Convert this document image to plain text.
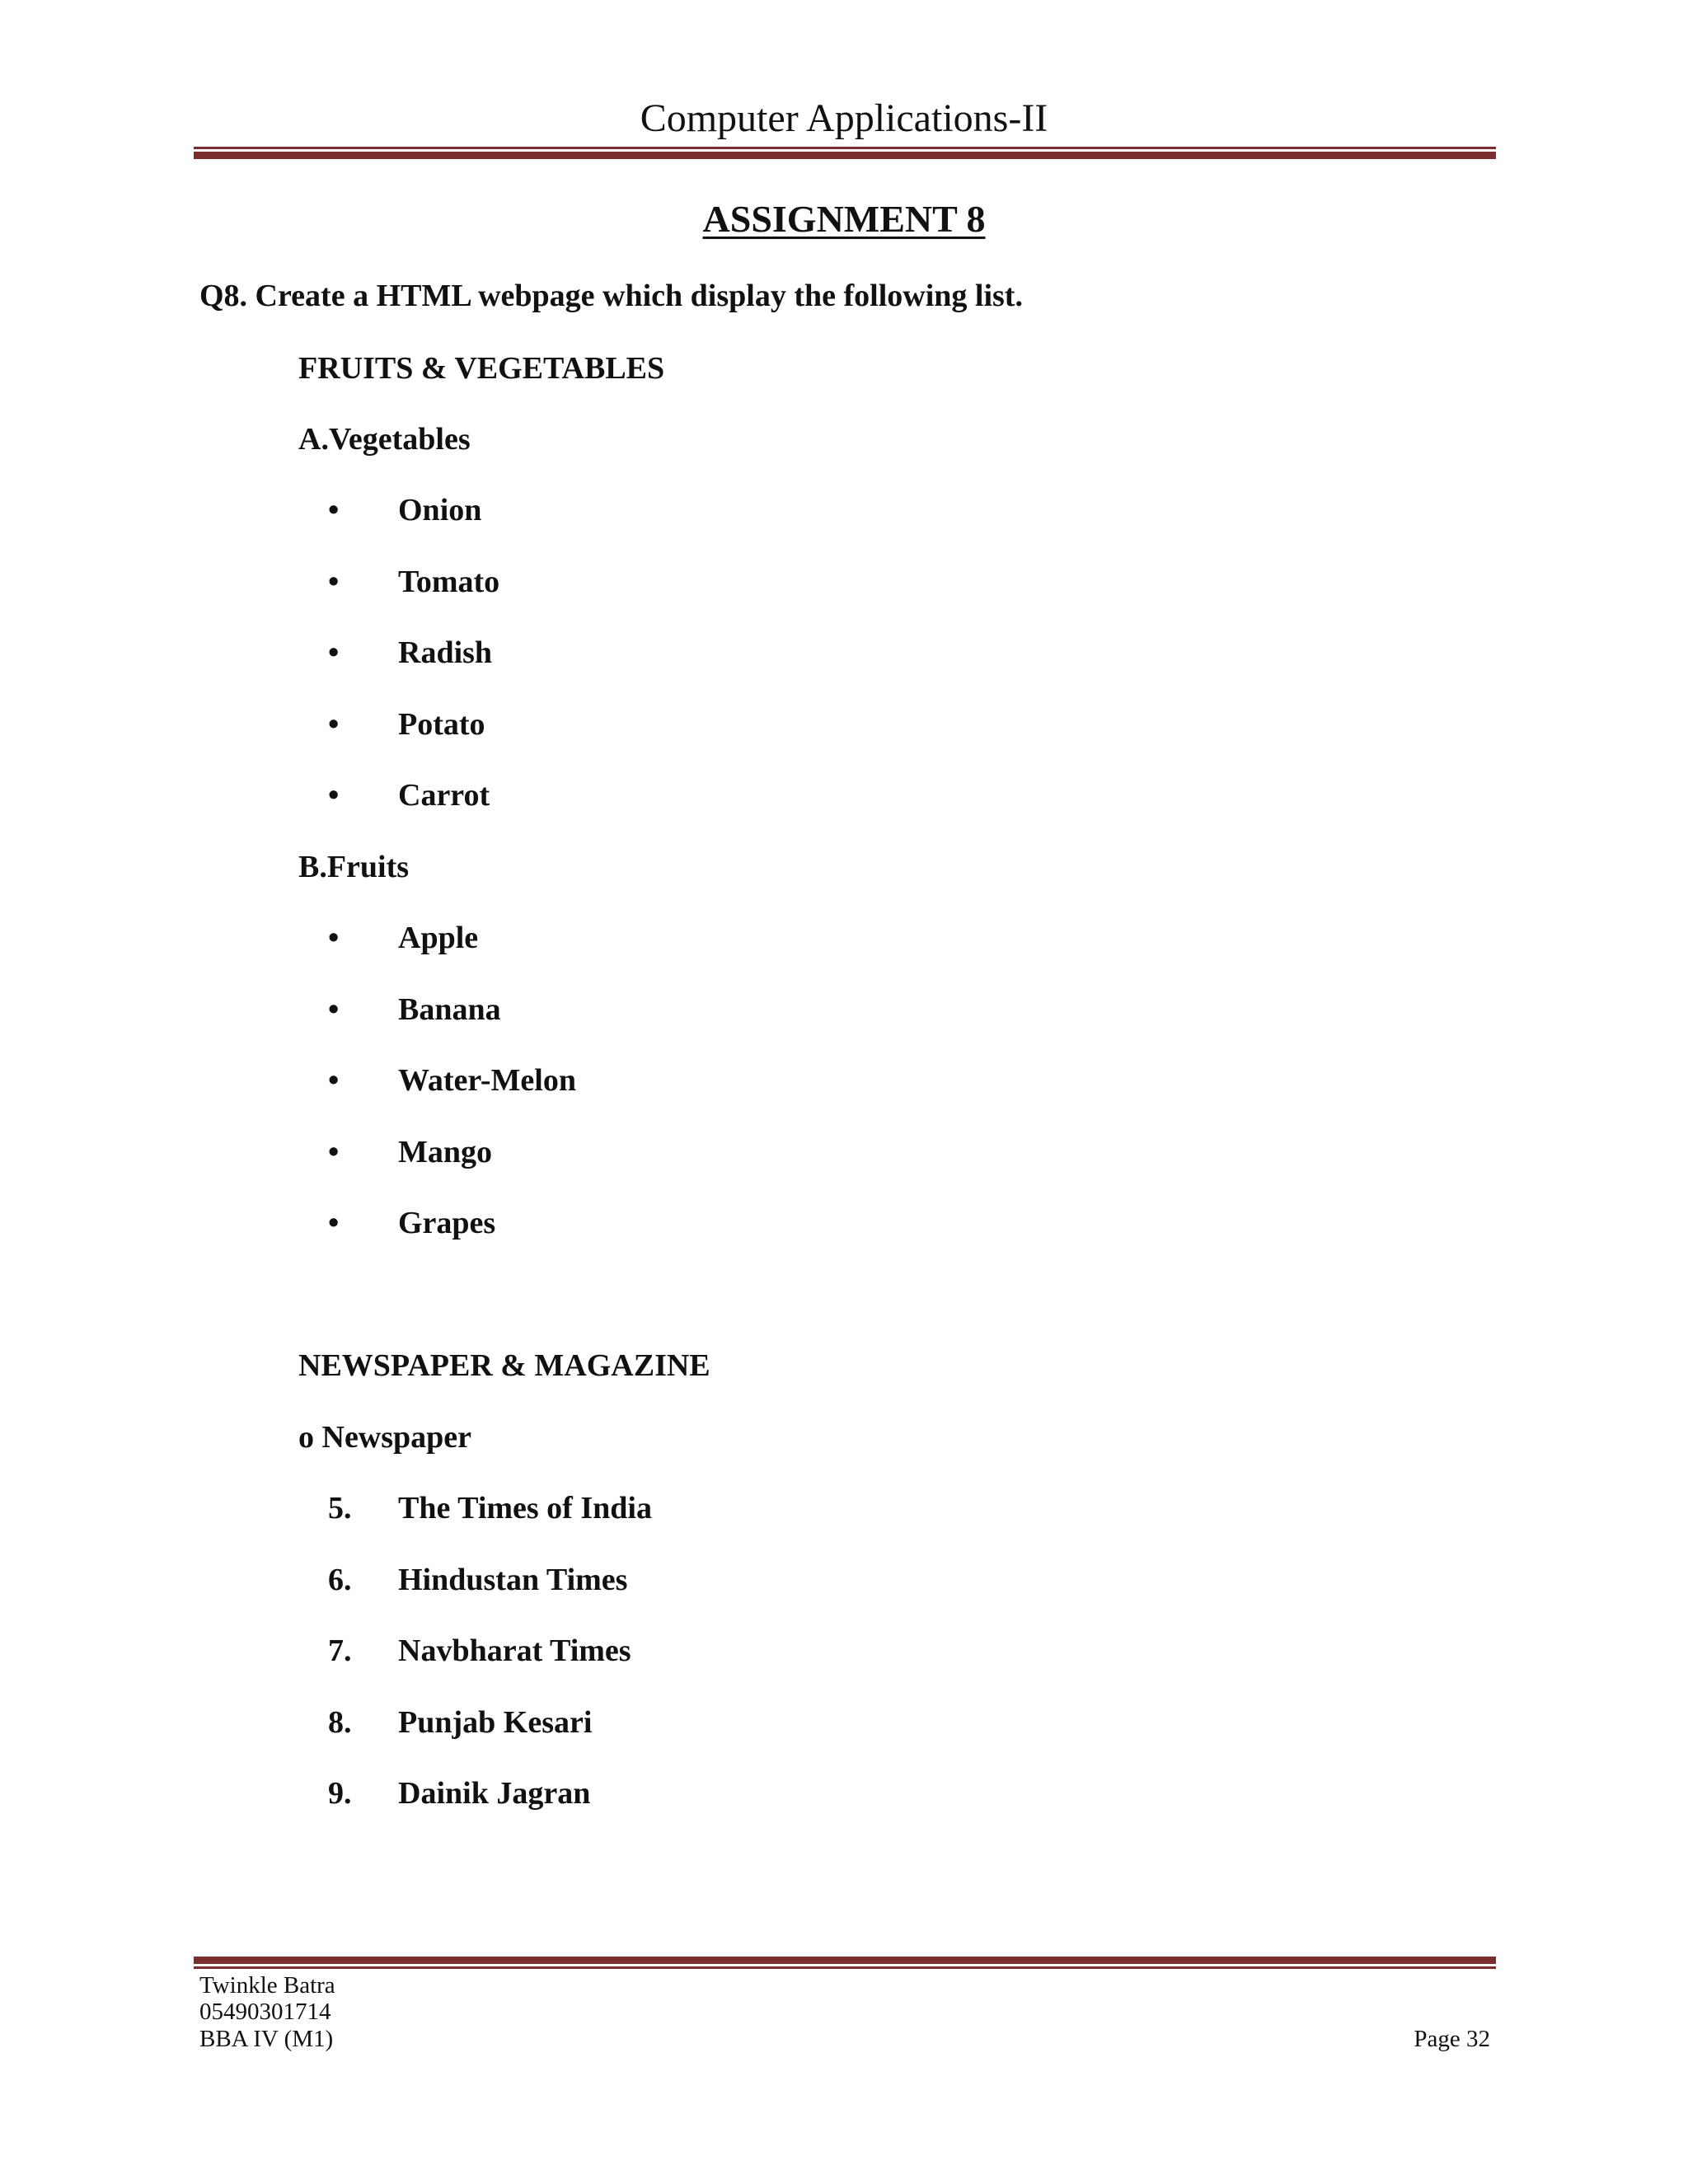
Computer Applications-II
ASSIGNMENT 8
Q8. Create a HTML webpage which display the following list.
FRUITS & VEGETABLES
A.Vegetables
• Onion
• Tomato
• Radish
• Potato
• Carrot
B.Fruits
• Apple
• Banana
• Water-Melon
• Mango
• Grapes
NEWSPAPER & MAGAZINE
o Newspaper
5. The Times of India
6. Hindustan Times
7. Navbharat Times
8. Punjab Kesari
9. Dainik Jagran
Twinkle Batra
05490301714
BBA IV (M1)	Page 32
